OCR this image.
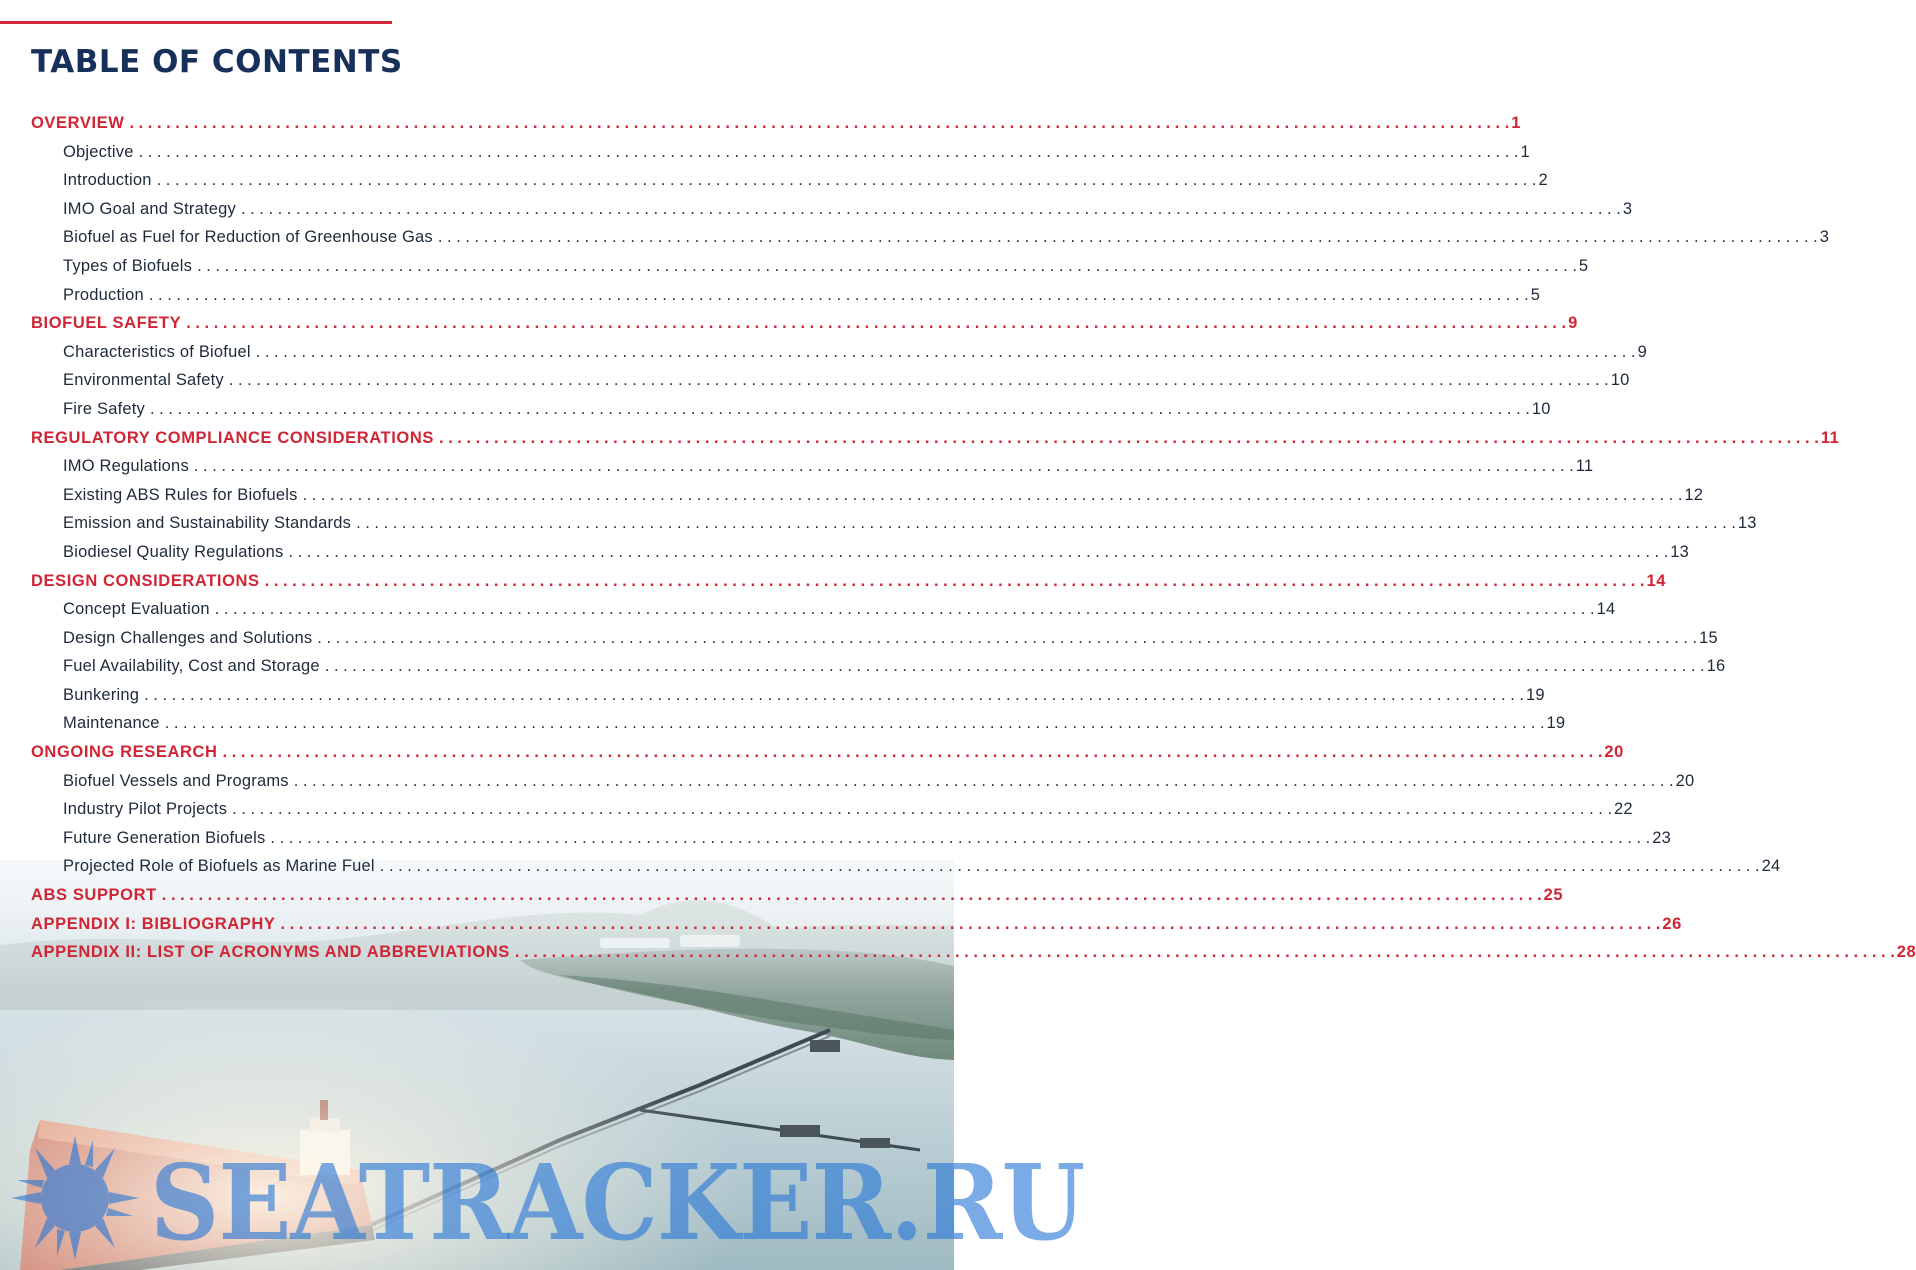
TABLE OF CONTENTS
OVERVIEW . . .	1
Objective . . .	1
Introduction . . .	2
IMO Goal and Strategy . . .	3
Biofuel as Fuel for Reduction of Greenhouse Gas . . .	3
Types of Biofuels . . .	5
Production . . .	5
BIOFUEL SAFETY . . .	9
Characteristics of Biofuel . . .	9
Environmental Safety . . .	10
Fire Safety . . .	10
REGULATORY COMPLIANCE CONSIDERATIONS . . .	11
IMO Regulations . . .	11
Existing ABS Rules for Biofuels . . .	12
Emission and Sustainability Standards . . .	13
Biodiesel Quality Regulations . . .	13
DESIGN CONSIDERATIONS . . .	14
Concept Evaluation . . .	14
Design Challenges and Solutions . . .	15
Fuel Availability, Cost and Storage . . .	16
Bunkering . . .	19
Maintenance . . .	19
ONGOING RESEARCH . . .	20
Biofuel Vessels and Programs . . .	20
Industry Pilot Projects . . .	22
Future Generation Biofuels . . .	23
Projected Role of Biofuels as Marine Fuel . . .	24
ABS SUPPORT . . .	25
APPENDIX I: BIBLIOGRAPHY . . .	26
APPENDIX II: LIST OF ACRONYMS AND ABBREVIATIONS . . .	28
SEATRACKER.RU
